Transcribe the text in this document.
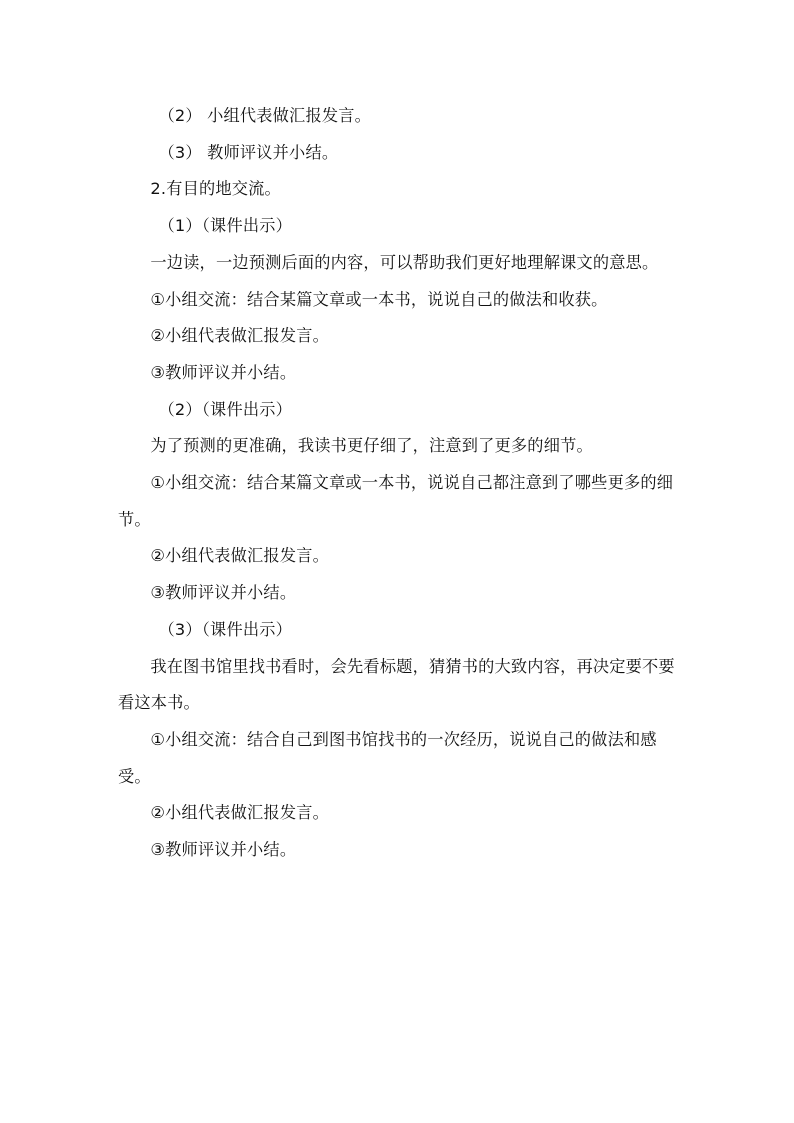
（2） 小组代表做汇报发言。

（3） 教师评议并小结。

2.有目的地交流。

（1）（课件出示）

一边读，一边预测后面的内容，可以帮助我们更好地理解课文的意思。

①小组交流：结合某篇文章或一本书，说说自己的做法和收获。

②小组代表做汇报发言。

③教师评议并小结。

（2）（课件出示）

为了预测的更准确，我读书更仔细了，注意到了更多的细节。

①小组交流：结合某篇文章或一本书，说说自己都注意到了哪些更多的细节。

②小组代表做汇报发言。

③教师评议并小结。

（3）（课件出示）

我在图书馆里找书看时，会先看标题，猜猜书的大致内容，再决定要不要看这本书。

①小组交流：结合自己到图书馆找书的一次经历，说说自己的做法和感受。

②小组代表做汇报发言。

③教师评议并小结。
